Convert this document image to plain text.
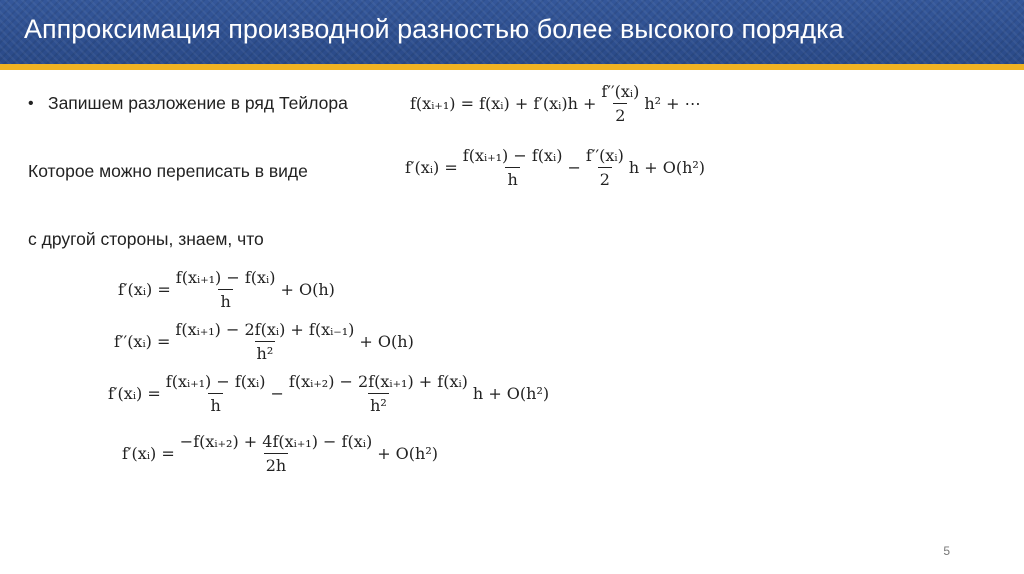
Аппроксимация производной разностью более высокого порядка
• Запишем разложение в ряд Тейлора
Которое можно переписать в виде
с другой стороны, знаем, что
f(xᵢ₊₁) = f(xᵢ) + f′(xᵢ)h + $\frac{\text{f′′(xᵢ)}}{2} h^2$ + ⋯
f′(xᵢ) = $\frac{\text{f(xᵢ₊₁) − f(xᵢ)}}{h} - \frac{\text{f′′(xᵢ)}}{2}$ h + O(h²)
f′(xᵢ) = $\frac{\text{f(xᵢ₊₁) − f(xᵢ)}}{h} + O(h)$
f′′(xᵢ) = $\frac{\text{f(xᵢ₊₁) − 2f(xᵢ) + f(xᵢ₋₁)}}{\text{h²}} + O(h)$
f′(xᵢ) = $\frac{\text{f(xᵢ₊₁) − f(xᵢ)}}{h} - \frac{\text{f(xᵢ₊₂) − 2f(xᵢ₊₁) + f(xᵢ)}}{\text{h²}}$ h + O(h²)
f′(xᵢ) = $\frac{\text{−f(xᵢ₊₂) + 4f(xᵢ₊₁) − f(xᵢ)}}{2h} + O(h^2)$
5
